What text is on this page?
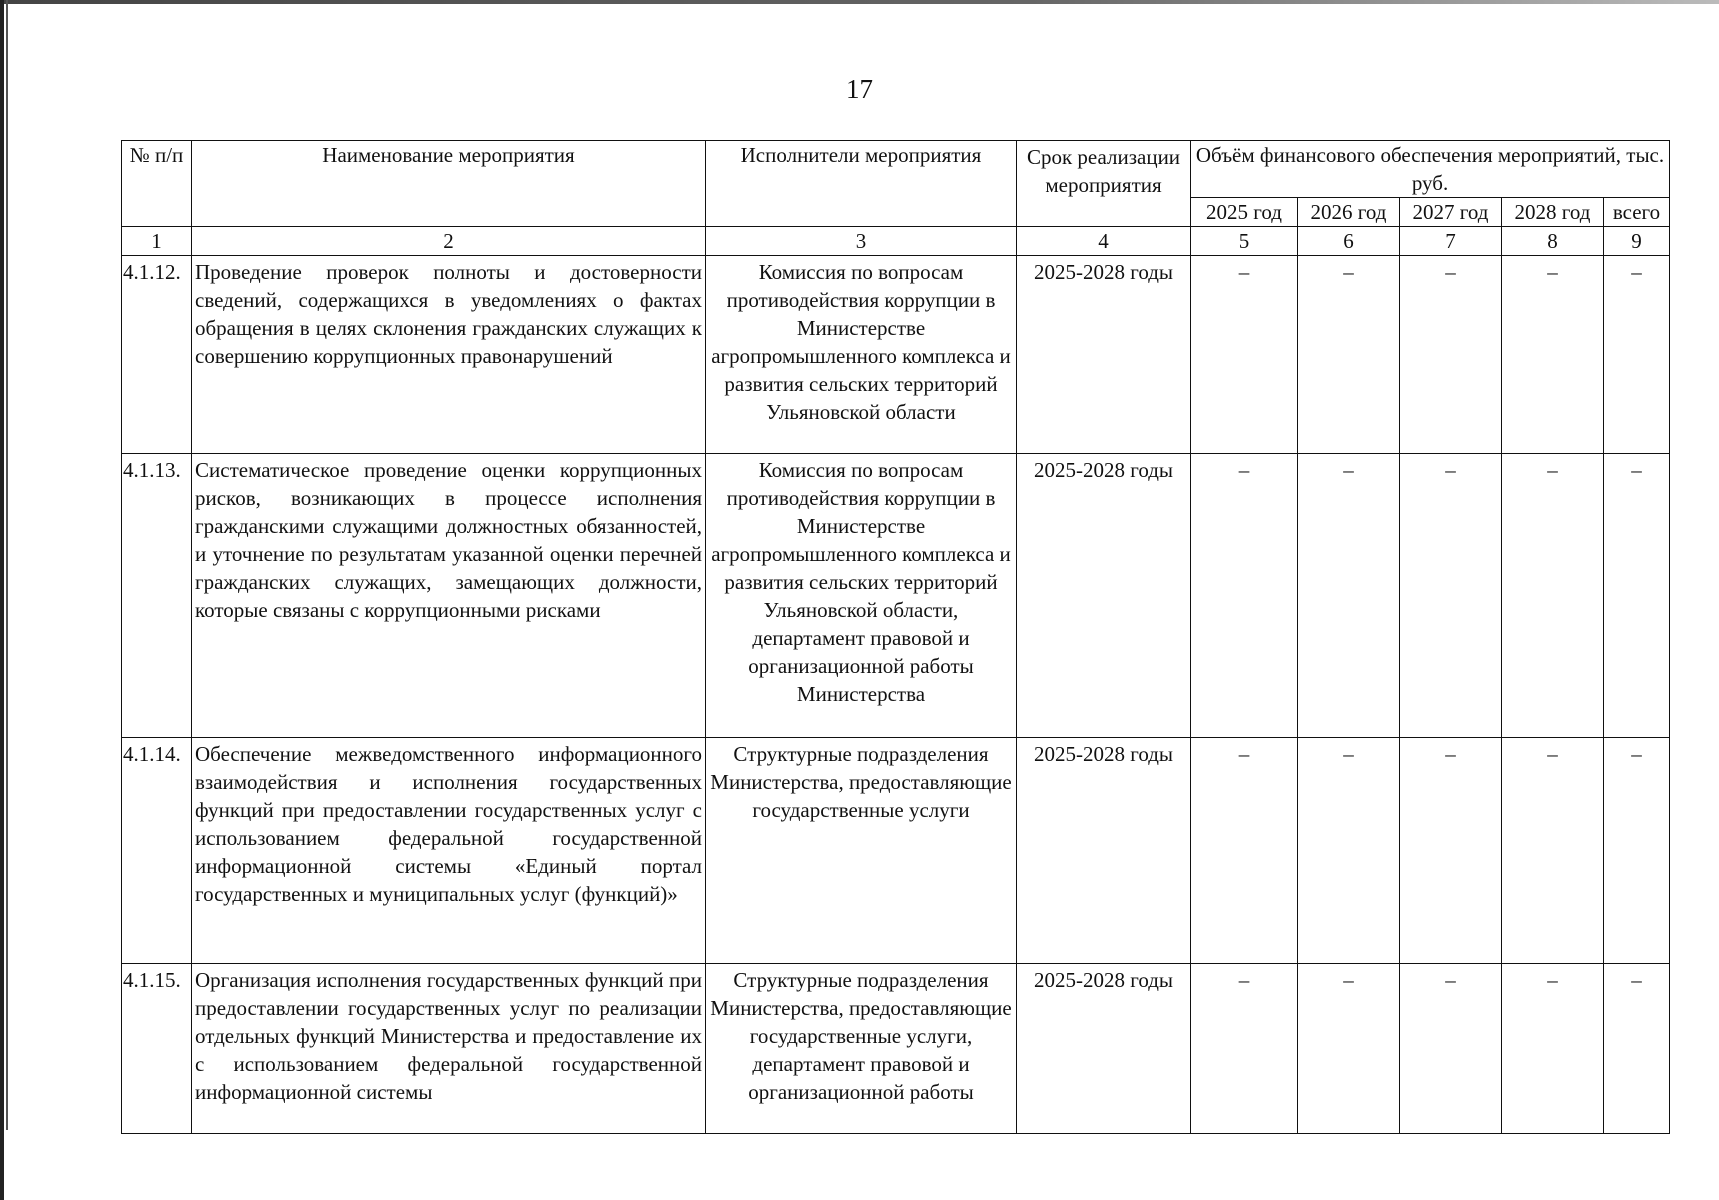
17
№ п/п	Наименование мероприятия	Исполнители мероприятия	Срок реализации мероприятия	Объём финансового обеспечения мероприятий, тыс. руб.				
				2025 год	2026 год	2027 год	2028 год	всего
1	2	3	4	5	6	7	8	9
4.1.12.	Проведение проверок полноты и достоверности сведений, содержащихся в уведомлениях о фактах обращения в целях склонения гражданских служащих к совершению коррупционных правонарушений	Комиссия по вопросам противодействия коррупции в Министерстве агропромышленного комплекса и развития сельских территорий Ульяновской области	2025-2028 годы	–	–	–	–	–
4.1.13.	Систематическое проведение оценки коррупционных рисков, возникающих в процессе исполнения гражданскими служащими должностных обязанностей, и уточнение по результатам указанной оценки перечней гражданских служащих, замещающих должности, которые связаны с коррупционными рисками	Комиссия по вопросам противодействия коррупции в Министерстве агропромышленного комплекса и развития сельских территорий Ульяновской области, департамент правовой и организационной работы Министерства	2025-2028 годы	–	–	–	–	–
4.1.14.	Обеспечение межведомственного информационного взаимодействия и исполнения государственных функций при предоставлении государственных услуг с использованием федеральной государственной информационной системы «Единый портал государственных и муниципальных услуг (функций)»	Структурные подразделения Министерства, предоставляющие государственные услуги	2025-2028 годы	–	–	–	–	–
4.1.15.	Организация исполнения государственных функций при предоставлении государственных услуг по реализации отдельных функций Министерства и предоставление их с использованием федеральной государственной информационной системы	Структурные подразделения Министерства, предоставляющие государственные услуги, департамент правовой и организационной работы	2025-2028 годы	–	–	–	–	–
